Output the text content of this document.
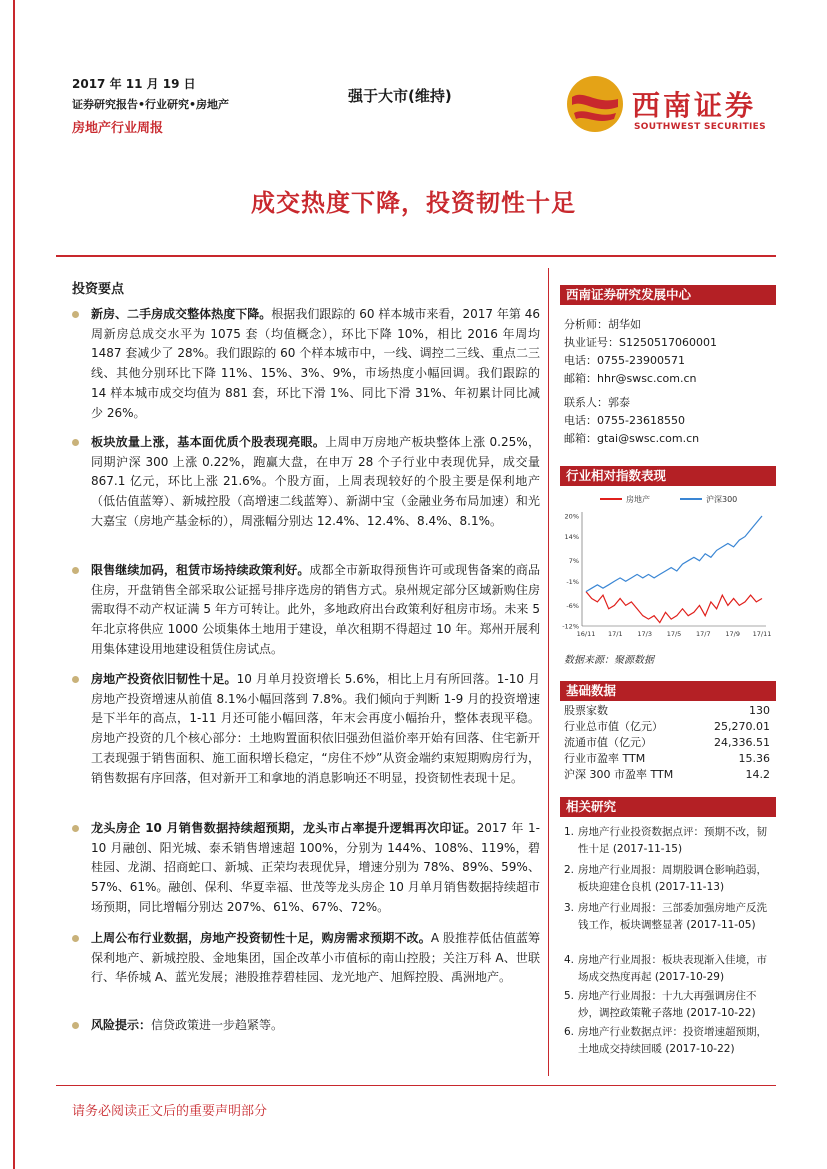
2017 年 11 月 19 日
证券研究报告•行业研究•房地产
房地产行业周报
强于大市(维持)	西南证券
SOUTHWEST SECURITIES
成交热度下降，投资韧性十足
投资要点
新房、二手房成交整体热度下降。根据我们跟踪的 60 样本城市来看，2017 年第 46 周新房总成交水平为 1075 套（均值概念），环比下降 10%，相比 2016 年周均 1487 套减少了 28%。我们跟踪的 60 个样本城市中，一线、调控二三线、重点二三线、其他分别环比下降 11%、15%、3%、9%，市场热度小幅回调。我们跟踪的 14 样本城市成交均值为 881 套，环比下滑 1%、同比下滑 31%、年初累计同比减少 26%。
板块放量上涨，基本面优质个股表现亮眼。上周申万房地产板块整体上涨 0.25%，同期沪深 300 上涨 0.22%，跑赢大盘，在申万 28 个子行业中表现优异，成交量 867.1 亿元，环比上涨 21.6%。个股方面，上周表现较好的个股主要是保利地产（低估值蓝筹）、新城控股（高增速二线蓝筹）、新湖中宝（金融业务布局加速）和光大嘉宝（房地产基金标的），周涨幅分别达 12.4%、12.4%、8.4%、8.1%。
限售继续加码，租赁市场持续政策利好。成都全市新取得预售许可或现售备案的商品住房，开盘销售全部采取公证摇号排序选房的销售方式。泉州规定部分区域新购住房需取得不动产权证满 5 年方可转让。此外，多地政府出台政策利好租房市场。未来 5 年北京将供应 1000 公顷集体土地用于建设，单次租期不得超过 10 年。郑州开展利用集体建设用地建设租赁住房试点。
房地产投资依旧韧性十足。10 月单月投资增长 5.6%，相比上月有所回落。1-10 月房地产投资增速从前值 8.1%小幅回落到 7.8%。我们倾向于判断 1-9 月的投资增速是下半年的高点，1-11 月还可能小幅回落，年末会再度小幅抬升，整体表现平稳。房地产投资的几个核心部分：土地购置面积依旧强劲但溢价率开始有回落、住宅新开工表现强于销售面积、施工面积增长稳定，“房住不炒”从资金端约束短期购房行为，销售数据有序回落，但对新开工和拿地的消息影响还不明显，投资韧性表现十足。
龙头房企 10 月销售数据持续超预期，龙头市占率提升逻辑再次印证。2017 年 1-10 月融创、阳光城、泰禾销售增速超 100%，分别为 144%、108%、119%，碧桂园、龙湖、招商蛇口、新城、正荣均表现优异，增速分别为 78%、89%、59%、57%、61%。融创、保利、华夏幸福、世茂等龙头房企 10 月单月销售数据持续超市场预期，同比增幅分别达 207%、61%、67%、72%。
上周公布行业数据，房地产投资韧性十足，购房需求预期不改。A 股推荐低估值蓝筹保利地产、新城控股、金地集团，国企改革小市值标的南山控股；关注万科 A、世联行、华侨城 A、蓝光发展；港股推荐碧桂园、龙光地产、旭辉控股、禹洲地产。
风险提示：信贷政策进一步趋紧等。
西南证券研究发展中心
分析师：胡华如
执业证号：S1250517060001
电话：0755-23900571
邮箱：hhr@swsc.com.cn
联系人：郭泰
电话：0755-23618550
邮箱：gtai@swsc.com.cn
行业相对指数表现
房地产	沪深300
20%
14%
7%
-1%
-6%
-12%
16/11 17/1 17/3 17/5 17/7 17/9 17/11
数据来源：聚源数据
基础数据
股票家数	130
行业总市值（亿元）	25,270.01
流通市值（亿元）	24,336.51
行业市盈率 TTM	15.36
沪深 300 市盈率 TTM	14.2
相关研究
1. 房地产行业投资数据点评：预期不改，韧性十足 (2017-11-15)
2. 房地产行业周报：周期股调仓影响趋弱，板块迎建仓良机 (2017-11-13)
3. 房地产行业周报：三部委加强房地产反洗钱工作，板块调整显著 (2017-11-05)
4. 房地产行业周报：板块表现渐入佳境，市场成交热度再起 (2017-10-29)
5. 房地产行业周报：十九大再强调房住不炒，调控政策靴子落地 (2017-10-22)
6. 房地产行业数据点评：投资增速超预期，土地成交持续回暖 (2017-10-22)
请务必阅读正文后的重要声明部分
